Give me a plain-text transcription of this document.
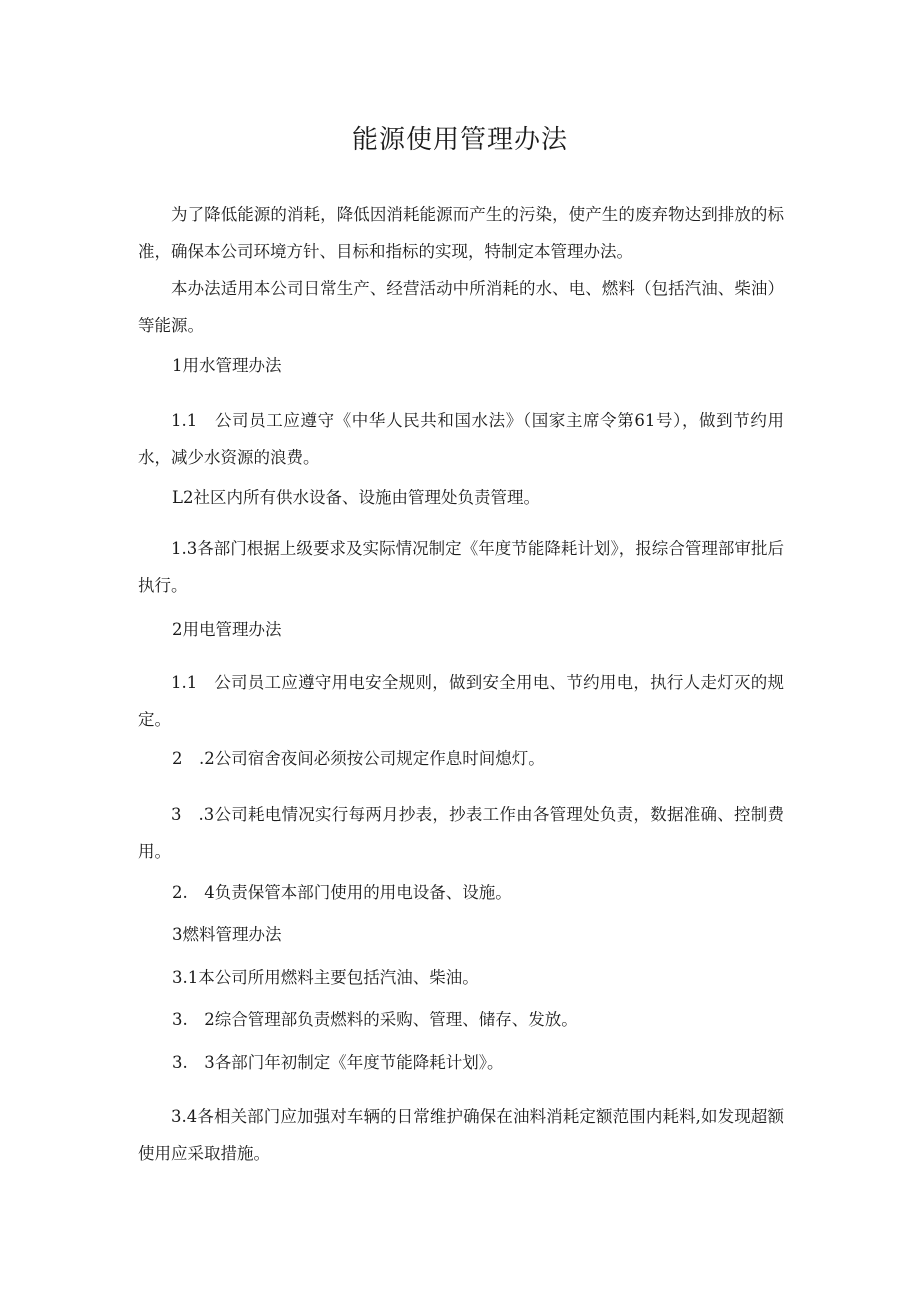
能源使用管理办法

为了降低能源的消耗，降低因消耗能源而产生的污染，使产生的废弃物达到排放的标准，确保本公司环境方针、目标和指标的实现，特制定本管理办法。

本办法适用本公司日常生产、经营活动中所消耗的水、电、燃料（包括汽油、柴油）等能源。

1用水管理办法

1.1　公司员工应遵守《中华人民共和国水法》（国家主席令第61号），做到节约用水，减少水资源的浪费。

L2社区内所有供水设备、设施由管理处负责管理。

1.3各部门根据上级要求及实际情况制定《年度节能降耗计划》，报综合管理部审批后执行。

2用电管理办法

1.1　公司员工应遵守用电安全规则，做到安全用电、节约用电，执行人走灯灭的规定。

2　.2公司宿舍夜间必须按公司规定作息时间熄灯。

3　.3公司耗电情况实行每两月抄表，抄表工作由各管理处负责，数据准确、控制费用。

2.　4负责保管本部门使用的用电设备、设施。
3燃料管理办法
3.1本公司所用燃料主要包括汽油、柴油。
3.　2综合管理部负责燃料的采购、管理、储存、发放。
3.　3各部门年初制定《年度节能降耗计划》。

3.4各相关部门应加强对车辆的日常维护确保在油料消耗定额范围内耗料,如发现超额使用应采取措施。
